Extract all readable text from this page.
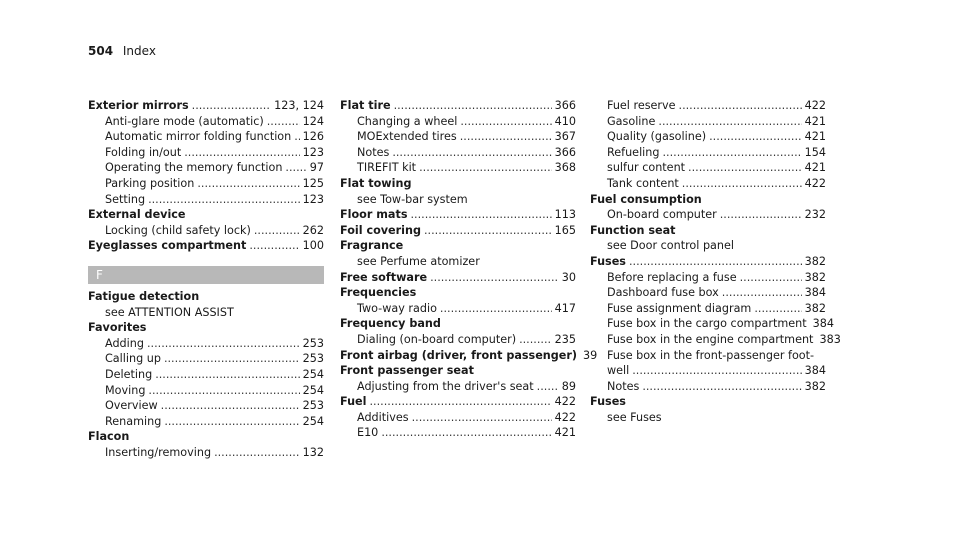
504 Index
Exterior mirrors .....	123, 124
Anti-glare mode (automatic) .....	124
Automatic mirror folding function ..... 126
Folding in/out .....	123
Operating the memory function ..... 97
Parking position .....	125
Setting .....	123
External device
Locking (child safety lock) .....	262
Eyeglasses compartment .....	100
F
Fatigue detection
see ATTENTION ASSIST
Favorites
Adding .....	253
Calling up .....	253
Deleting .....	254
Moving .....	254
Overview .....	253
Renaming .....	254
Flacon
Inserting/removing .....	132
Flat tire .....	366
Changing a wheel .....	410
MOExtended tires .....	367
Notes .....	366
TIREFIT kit .....	368
Flat towing
see Tow-bar system
Floor mats .....	113
Foil covering .....	165
Fragrance
see Perfume atomizer
Free software .....	30
Frequencies
Two-way radio .....	417
Frequency band
Dialing (on-board computer) .....	235
Front airbag (driver, front passenger) 39
Front passenger seat
Adjusting from the driver's seat .....	89
Fuel .....	422
Additives .....	422
E10 .....	421
Fuel reserve .....	422
Gasoline .....	421
Quality (gasoline) .....	421
Refueling .....	154
sulfur content .....	421
Tank content .....	422
Fuel consumption
On-board computer .....	232
Function seat
see Door control panel
Fuses .....	382
Before replacing a fuse .....	382
Dashboard fuse box .....	384
Fuse assignment diagram .....	382
Fuse box in the cargo compartment 384
Fuse box in the engine compartment 383
Fuse box in the front-passenger foot-
well .....	384
Notes .....	382
Fuses
see Fuses
